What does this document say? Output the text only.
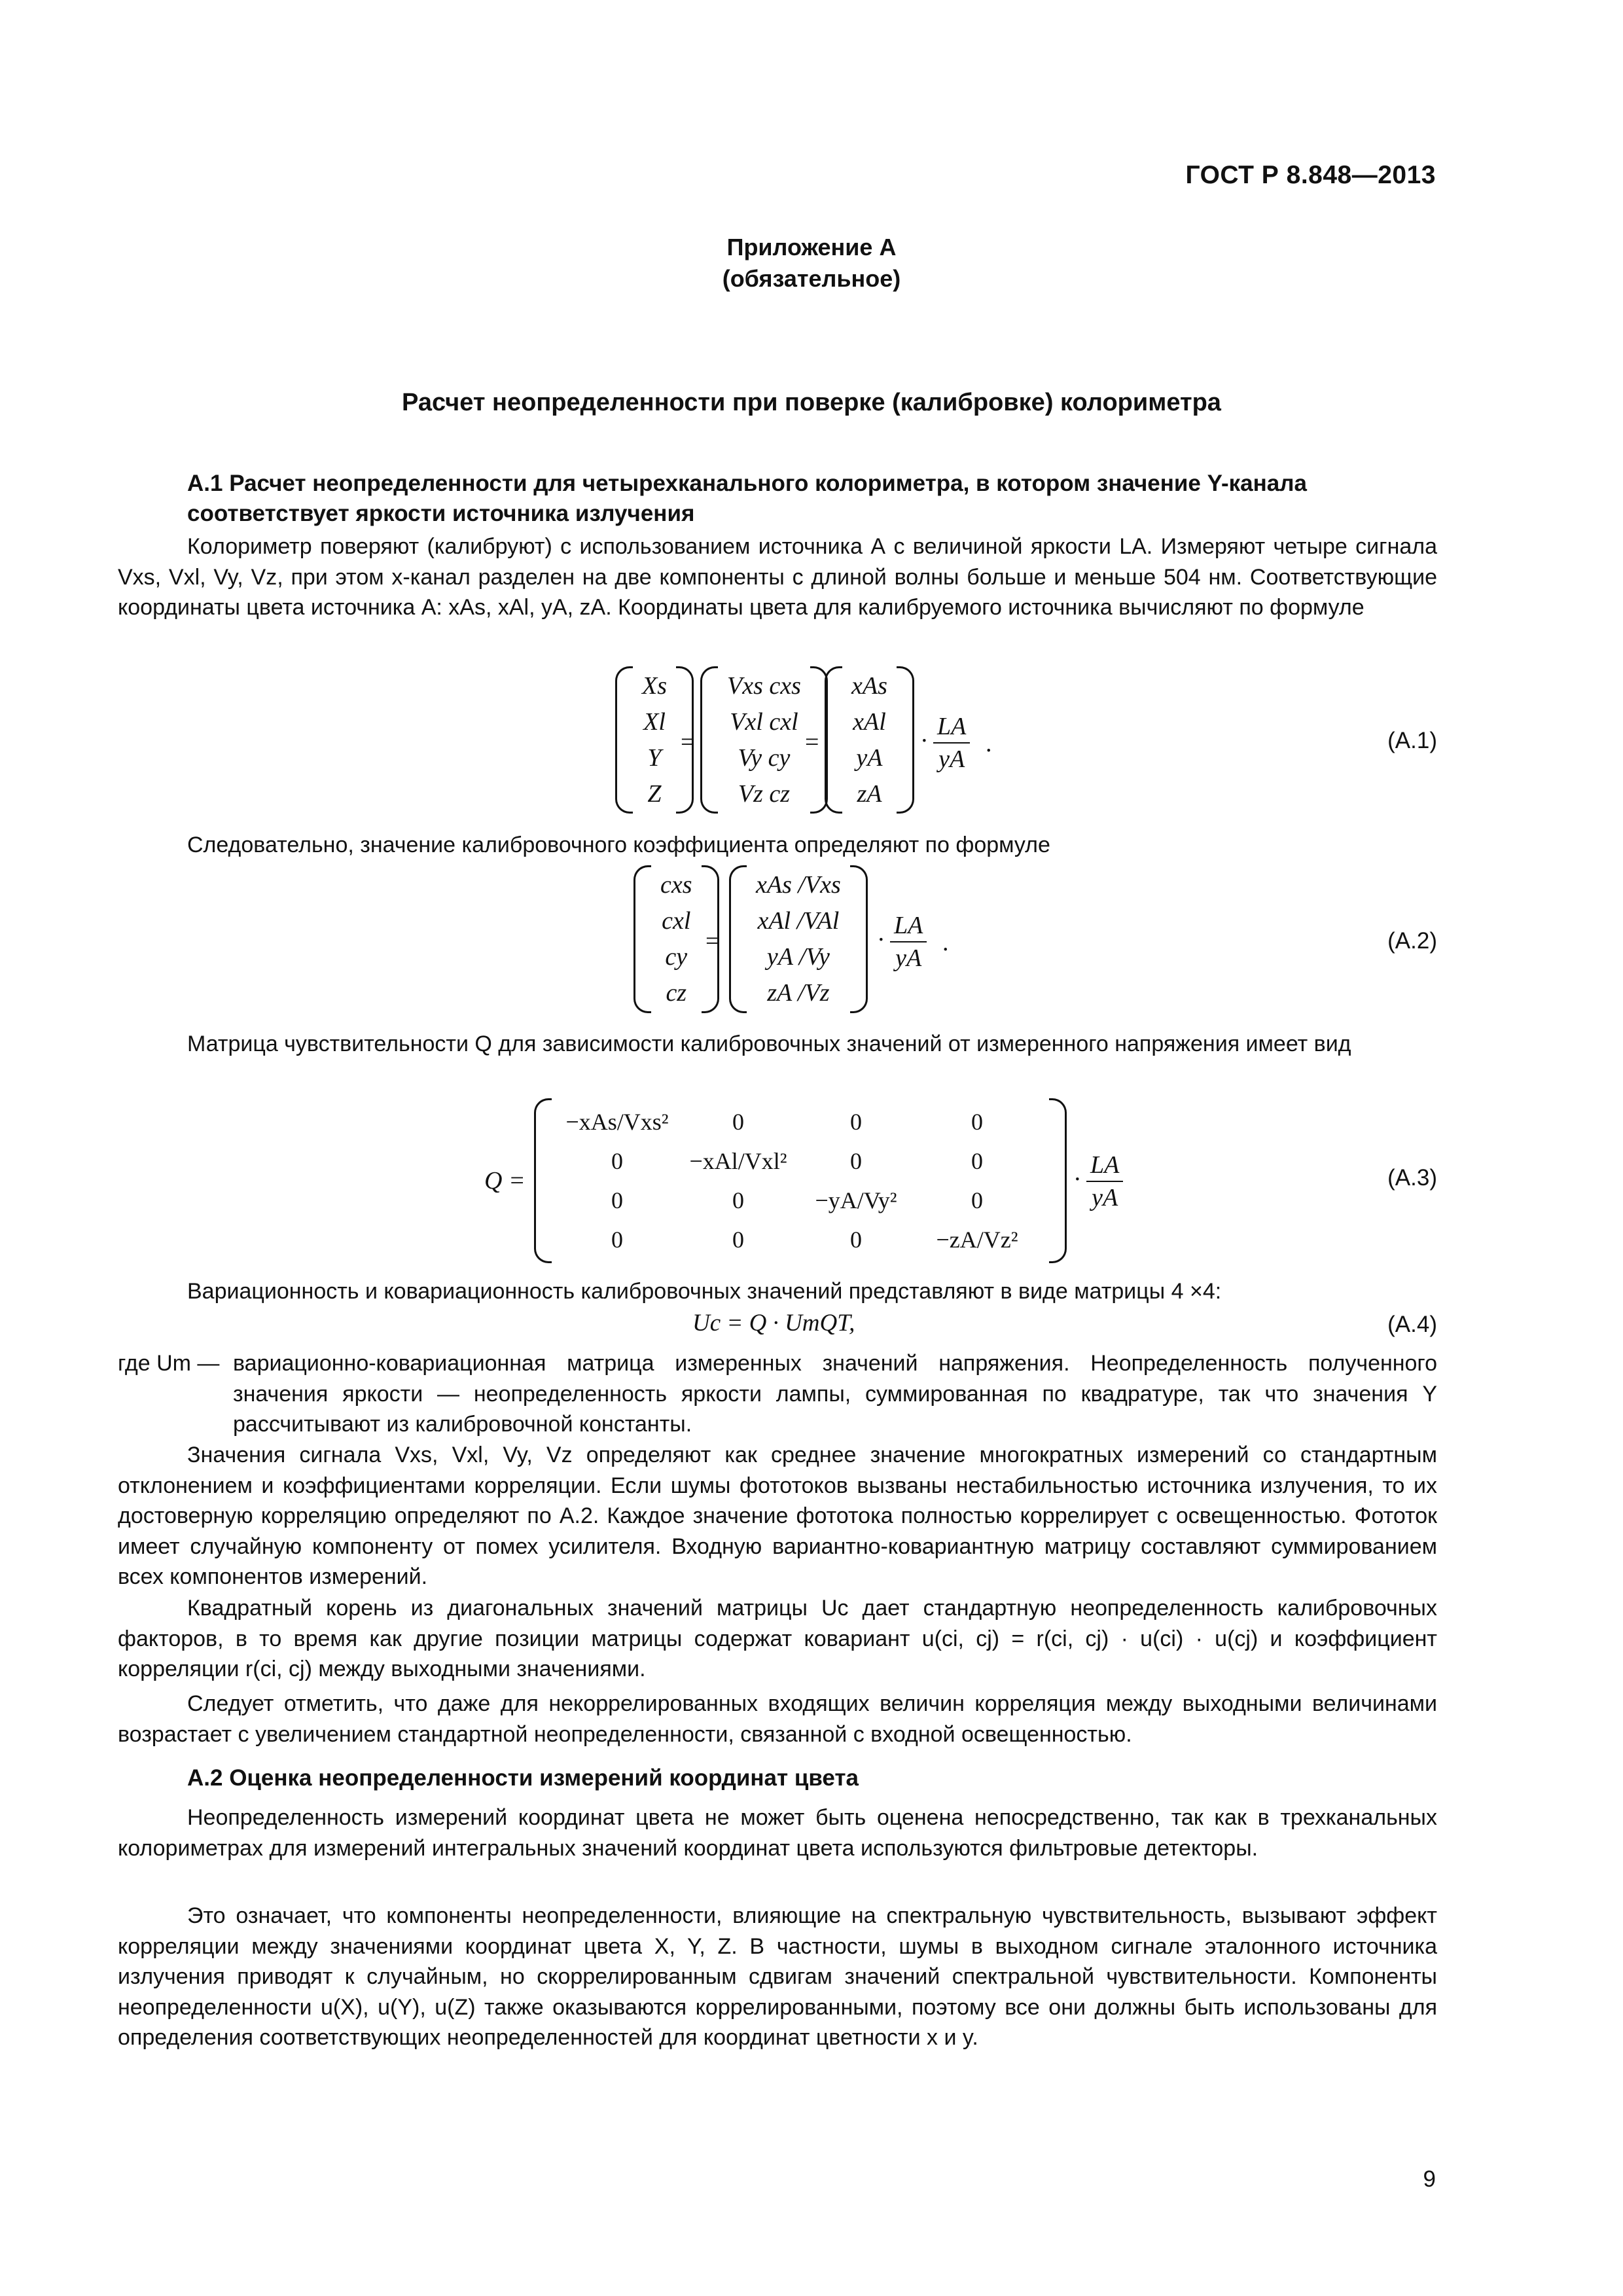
ГОСТ Р 8.848—2013
Приложение А
(обязательное)
Расчет неопределенности при поверке (калибровке) колориметра
А.1 Расчет неопределенности для четырехканального колориметра, в котором значение Y-канала соответствует яркости источника излучения
Колориметр поверяют (калибруют) с использованием источника А с величиной яркости LA. Измеряют четыре сигнала Vxs, Vxl, Vy, Vz, при этом x-канал разделен на две компоненты с длиной волны больше и меньше 504 нм. Соответствующие координаты цвета источника А: xAs, xAl, yA, zA. Координаты цвета для калибруемого источника вычисляют по формуле
Xs
Xl
Y
Z
=
Vxs cxs
Vxl cxl
Vy cy
Vz cz
=
xAs
xAl
yA
zA
· $\frac{LA}{yA}$ .	(А.1)
Следовательно, значение калибровочного коэффициента определяют по формуле
cxs
cxl
cy
cz
=
xAs /Vxs
xAl /VAl
yA /Vy
zA /Vz
· $\frac{LA}{yA}$ .	(А.2)
Матрица чувствительности Q для зависимости калибровочных значений от измеренного напряжения имеет вид
Q =
−xAs/Vxs²	0	0	0
0	−xAl/Vxl²	0	0
0	0	−yA/Vy²	0
0	0	0	−zA/Vz²
· $\frac{LA}{yA}$	(А.3)
Вариационность и ковариационность калибровочных значений представляют в виде матрицы 4 ×4:
Uc = Q · UmQT,	(А.4)
где Um — вариационно-ковариационная матрица измеренных значений напряжения. Неопределенность полученного значения яркости — неопределенность яркости лампы, суммированная по квадратуре, так что значения Y рассчитывают из калибровочной константы.
Значения сигнала Vxs, Vxl, Vy, Vz определяют как среднее значение многократных измерений со стандартным отклонением и коэффициентами корреляции. Если шумы фототоков вызваны нестабильностью источника излучения, то их достоверную корреляцию определяют по А.2. Каждое значение фототока полностью коррелирует с освещенностью. Фототок имеет случайную компоненту от помех усилителя. Входную вариантно-ковариантную матрицу составляют суммированием всех компонентов измерений.
Квадратный корень из диагональных значений матрицы Uc дает стандартную неопределенность калибровочных факторов, в то время как другие позиции матрицы содержат ковариант u(ci, cj) = r(ci, cj) · u(ci) · u(cj) и коэффициент корреляции r(ci, cj) между выходными значениями.
Следует отметить, что даже для некоррелированных входящих величин корреляция между выходными величинами возрастает с увеличением стандартной неопределенности, связанной с входной освещенностью.
А.2 Оценка неопределенности измерений координат цвета
Неопределенность измерений координат цвета не может быть оценена непосредственно, так как в трехканальных колориметрах для измерений интегральных значений координат цвета используются фильтровые детекторы.
Это означает, что компоненты неопределенности, влияющие на спектральную чувствительность, вызывают эффект корреляции между значениями координат цвета X, Y, Z. В частности, шумы в выходном сигнале эталонного источника излучения приводят к случайным, но скоррелированным сдвигам значений спектральной чувствительности. Компоненты неопределенности u(X), u(Y), u(Z) также оказываются коррелированными, поэтому все они должны быть использованы для определения соответствующих неопределенностей для координат цветности x и y.
9
